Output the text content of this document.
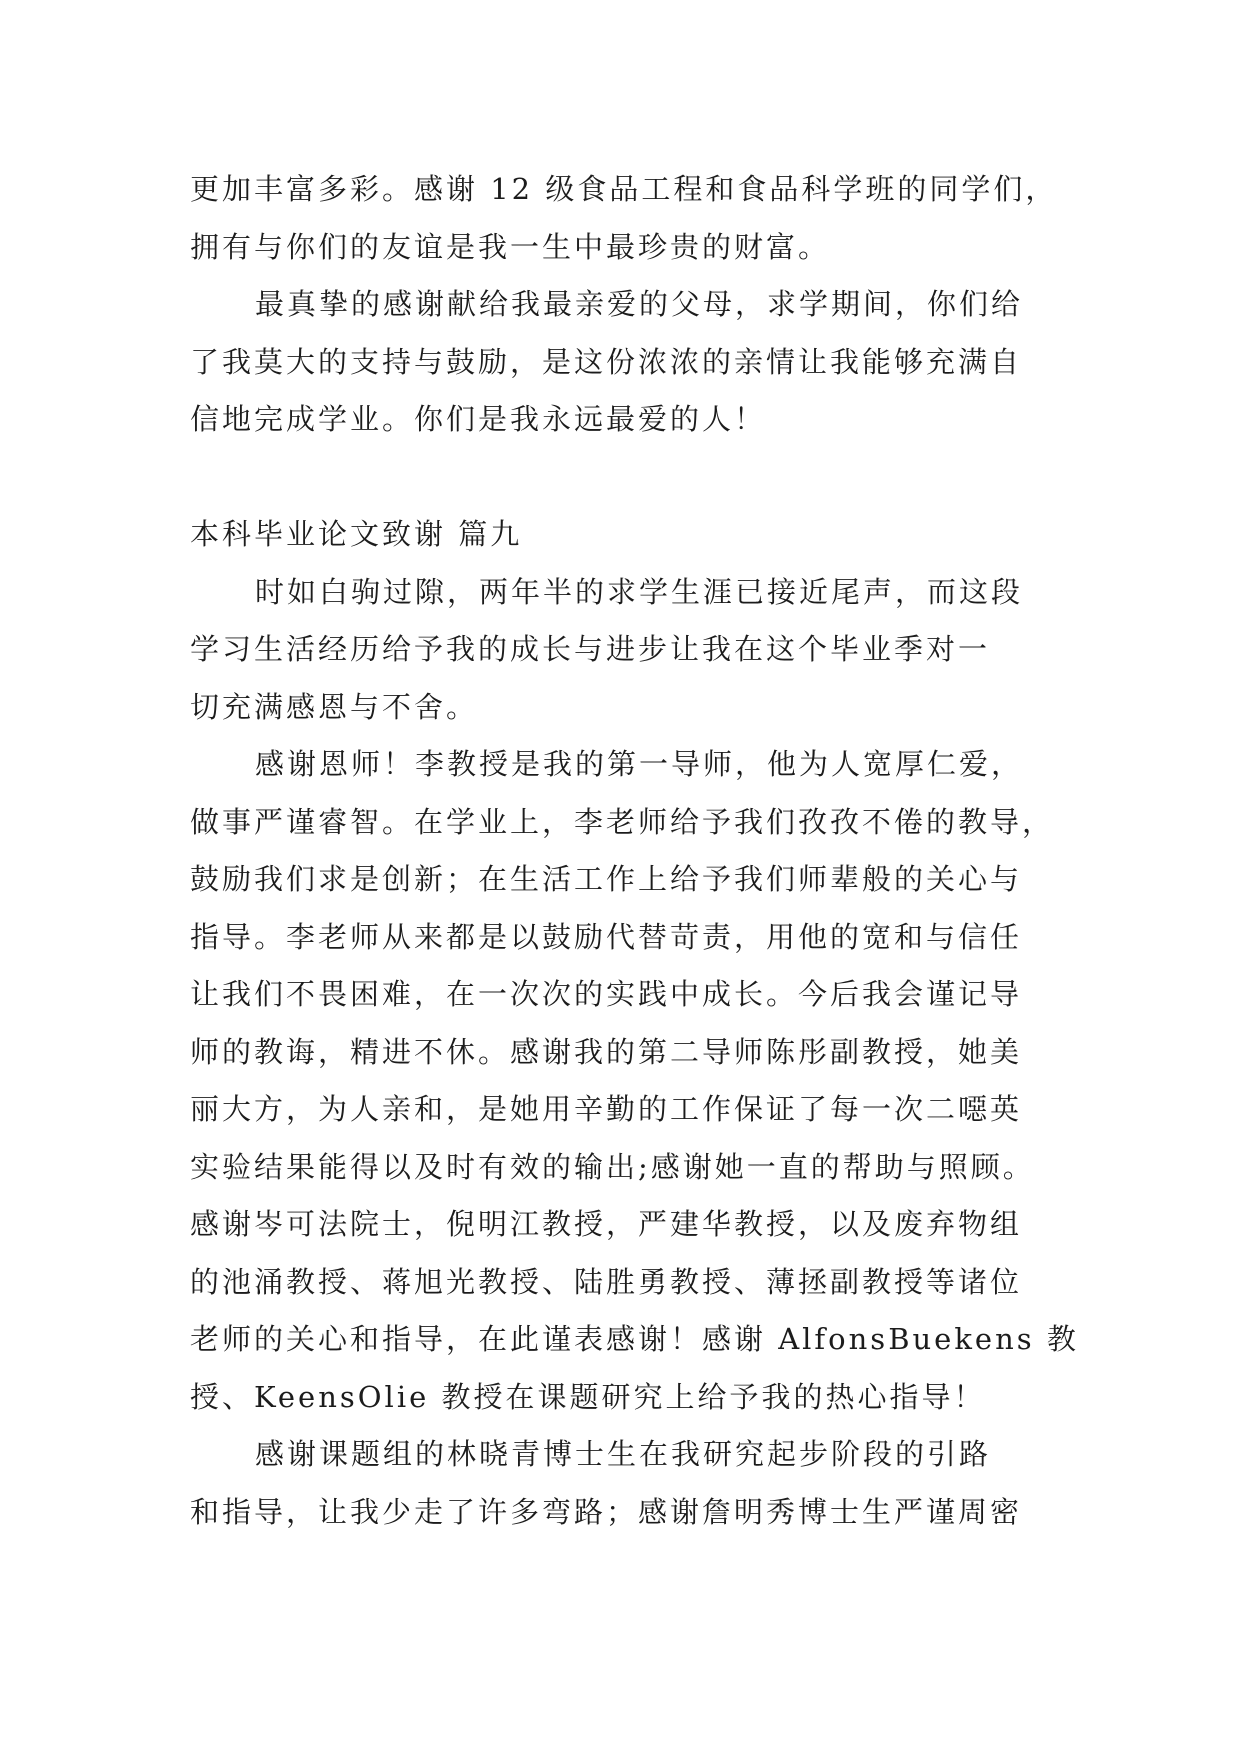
更加丰富多彩。感谢 12 级食品工程和食品科学班的同学们，
拥有与你们的友谊是我一生中最珍贵的财富。
最真挚的感谢献给我最亲爱的父母，求学期间，你们给
了我莫大的支持与鼓励，是这份浓浓的亲情让我能够充满自
信地完成学业。你们是我永远最爱的人！
本科毕业论文致谢 篇九
时如白驹过隙，两年半的求学生涯已接近尾声，而这段
学习生活经历给予我的成长与进步让我在这个毕业季对一
切充满感恩与不舍。
感谢恩师！李教授是我的第一导师，他为人宽厚仁爱，
做事严谨睿智。在学业上，李老师给予我们孜孜不倦的教导，
鼓励我们求是创新；在生活工作上给予我们师辈般的关心与
指导。李老师从来都是以鼓励代替苛责，用他的宽和与信任
让我们不畏困难，在一次次的实践中成长。今后我会谨记导
师的教诲，精进不休。感谢我的第二导师陈彤副教授，她美
丽大方，为人亲和，是她用辛勤的工作保证了每一次二噁英
实验结果能得以及时有效的输出;感谢她一直的帮助与照顾。
感谢岑可法院士，倪明江教授，严建华教授，以及废弃物组
的池涌教授、蒋旭光教授、陆胜勇教授、薄拯副教授等诸位
老师的关心和指导，在此谨表感谢！感谢 AlfonsBuekens 教
授、KeensOlie 教授在课题研究上给予我的热心指导！
感谢课题组的林晓青博士生在我研究起步阶段的引路
和指导，让我少走了许多弯路；感谢詹明秀博士生严谨周密
